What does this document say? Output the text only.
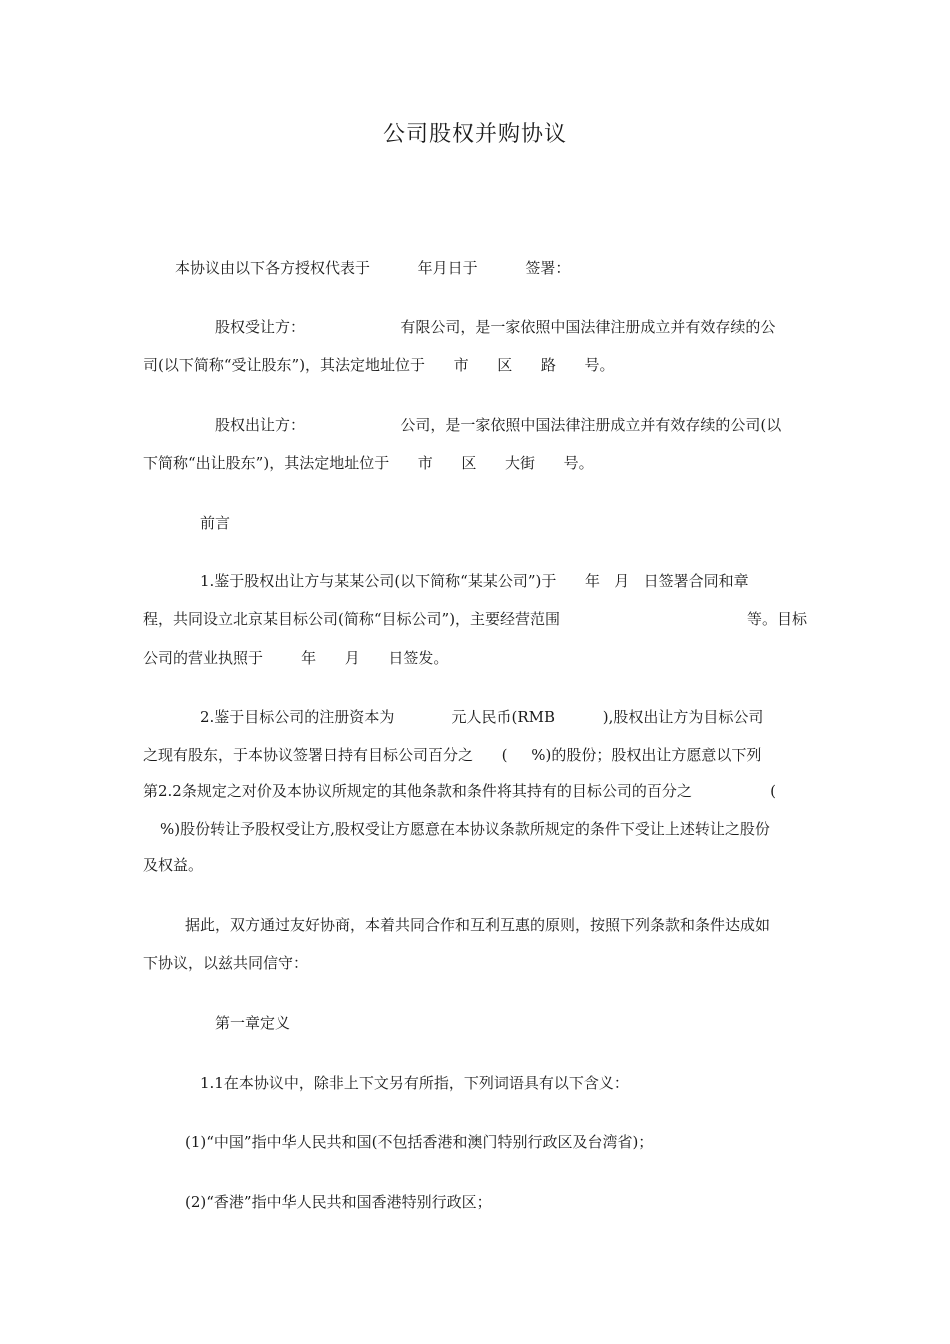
公司股权并购协议
本协议由以下各方授权代表于          年月日于          签署：
股权受让方：                    有限公司，是一家依照中国法律注册成立并有效存续的公
司(以下简称“受让股东”)，其法定地址位于      市      区      路      号。
股权出让方：                    公司，是一家依照中国法律注册成立并有效存续的公司(以
下简称“出让股东”)，其法定地址位于      市      区      大街      号。
前言
1.鉴于股权出让方与某某公司(以下简称“某某公司”)于      年   月   日签署合同和章
程，共同设立北京某目标公司(简称“目标公司”)，主要经营范围	等。目标
公司的营业执照于        年      月      日签发。
2.鉴于目标公司的注册资本为            元人民币(RMB          ),股权出让方为目标公司
之现有股东，于本协议签署日持有目标公司百分之      (     %)的股份；股权出让方愿意以下列
第2.2条规定之对价及本协议所规定的其他条款和条件将其持有的目标公司的百分之	(
%)股份转让予股权受让方,股权受让方愿意在本协议条款所规定的条件下受让上述转让之股份
及权益。
据此，双方通过友好协商，本着共同合作和互利互惠的原则，按照下列条款和条件达成如
下协议，以兹共同信守：
第一章定义
1.1在本协议中，除非上下文另有所指，下列词语具有以下含义：
(1)“中国”指中华人民共和国(不包括香港和澳门特别行政区及台湾省)；
(2)“香港”指中华人民共和国香港特别行政区；
